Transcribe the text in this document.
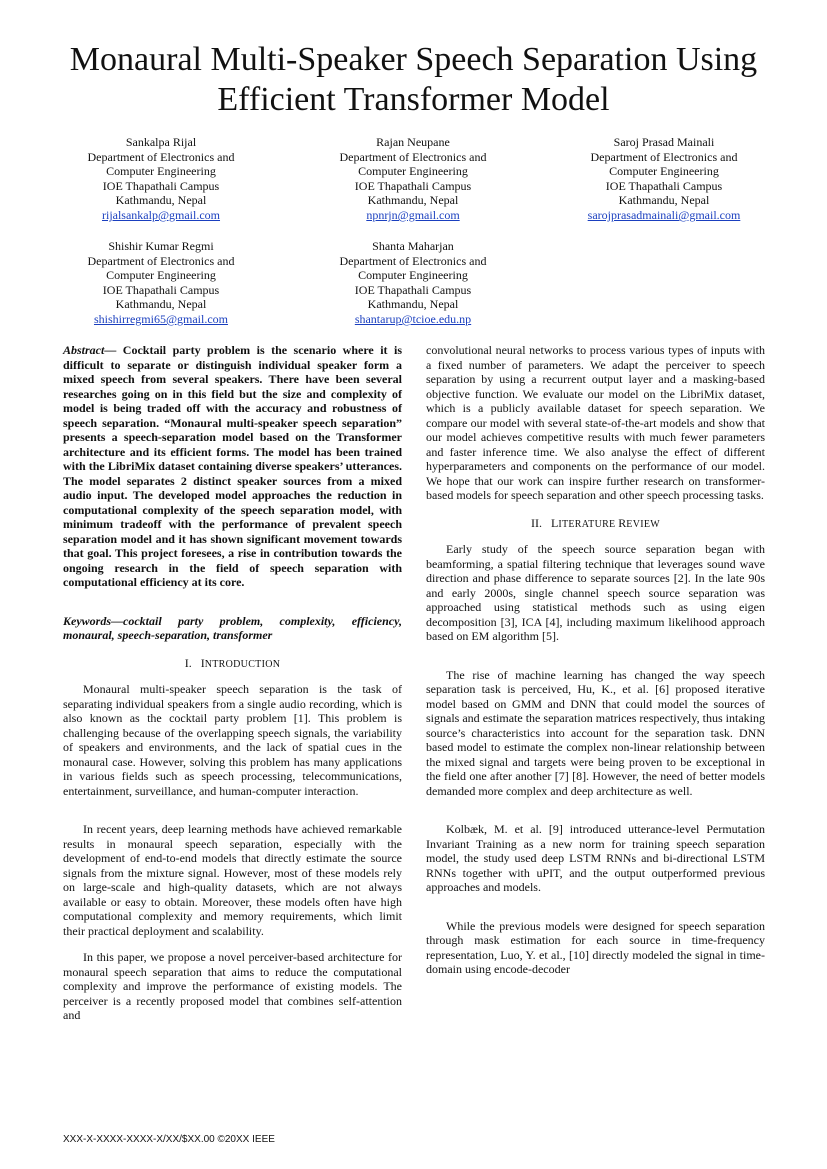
Monaural Multi-Speaker Speech Separation Using
Efficient Transformer Model
Sankalpa Rijal
Department of Electronics and
Computer Engineering
IOE Thapathali Campus
Kathmandu, Nepal
rijalsankalp@gmail.com
Rajan Neupane
Department of Electronics and
Computer Engineering
IOE Thapathali Campus
Kathmandu, Nepal
npnrjn@gmail.com
Saroj Prasad Mainali
Department of Electronics and
Computer Engineering
IOE Thapathali Campus
Kathmandu, Nepal
sarojprasadmainali@gmail.com
Shishir Kumar Regmi
Department of Electronics and
Computer Engineering
IOE Thapathali Campus
Kathmandu, Nepal
shishirregmi65@gmail.com
Shanta Maharjan
Department of Electronics and
Computer Engineering
IOE Thapathali Campus
Kathmandu, Nepal
shantarup@tcioe.edu.np

Abstract— Cocktail party problem is the scenario where it is difficult to separate or distinguish individual speaker form a mixed speech from several speakers. There have been several researches going on in this field but the size and complexity of model is being traded off with the accuracy and robustness of speech separation. “Monaural multi-speaker speech separation” presents a speech-separation model based on the Transformer architecture and its efficient forms. The model has been trained with the LibriMix dataset containing diverse speakers’ utterances. The model separates 2 distinct speaker sources from a mixed audio input. The developed model approaches the reduction in computational complexity of the speech separation model, with minimum tradeoff with the performance of prevalent speech separation model and it has shown significant movement towards that goal. This project foresees, a rise in contribution towards the ongoing research in the field of speech separation with computational efficiency at its core.

Keywords—cocktail party problem, complexity, efficiency, monaural, speech-separation, transformer

I. INTRODUCTION

Monaural multi-speaker speech separation is the task of separating individual speakers from a single audio recording, which is also known as the cocktail party problem [1]. This problem is challenging because of the overlapping speech signals, the variability of speakers and environments, and the lack of spatial cues in the monaural case. However, solving this problem has many applications in various fields such as speech processing, telecommunications, entertainment, surveillance, and human-computer interaction.

In recent years, deep learning methods have achieved remarkable results in monaural speech separation, especially with the development of end-to-end models that directly estimate the source signals from the mixture signal. However, most of these models rely on large-scale and high-quality datasets, which are not always available or easy to obtain. Moreover, these models often have high computational complexity and memory requirements, which limit their practical deployment and scalability.

In this paper, we propose a novel perceiver-based architecture for monaural speech separation that aims to reduce the computational complexity and improve the performance of existing models. The perceiver is a recently proposed model that combines self-attention and

convolutional neural networks to process various types of inputs with a fixed number of parameters. We adapt the perceiver to speech separation by using a recurrent output layer and a masking-based objective function. We evaluate our model on the LibriMix dataset, which is a publicly available dataset for speech separation. We compare our model with several state-of-the-art models and show that our model achieves competitive results with much fewer parameters and faster inference time. We also analyse the effect of different hyperparameters and components on the performance of our model. We hope that our work can inspire further research on transformer-based models for speech separation and other speech processing tasks.

II. LITERATURE REVIEW

Early study of the speech source separation began with beamforming, a spatial filtering technique that leverages sound wave direction and phase difference to separate sources [2]. In the late 90s and early 2000s, single channel speech source separation was approached using statistical methods such as using eigen decomposition [3], ICA [4], including maximum likelihood approach based on EM algorithm [5].

The rise of machine learning has changed the way speech separation task is perceived, Hu, K., et al. [6] proposed iterative model based on GMM and DNN that could model the sources of signals and estimate the separation matrices respectively, thus intaking source’s characteristics into account for the separation task. DNN based model to estimate the complex non-linear relationship between the mixed signal and targets were being proven to be exceptional in the field one after another [7] [8]. However, the need of better models demanded more complex and deep architecture as well.

Kolbæk, M. et al. [9] introduced utterance-level Permutation Invariant Training as a new norm for training speech separation model, the study used deep LSTM RNNs and bi-directional LSTM RNNs together with uPIT, and the output outperformed previous approaches and models.

While the previous models were designed for speech separation through mask estimation for each source in time-frequency representation, Luo, Y. et al., [10] directly modeled the signal in time-domain using encode-decoder

XXX-X-XXXX-XXXX-X/XX/$XX.00 ©20XX IEEE
